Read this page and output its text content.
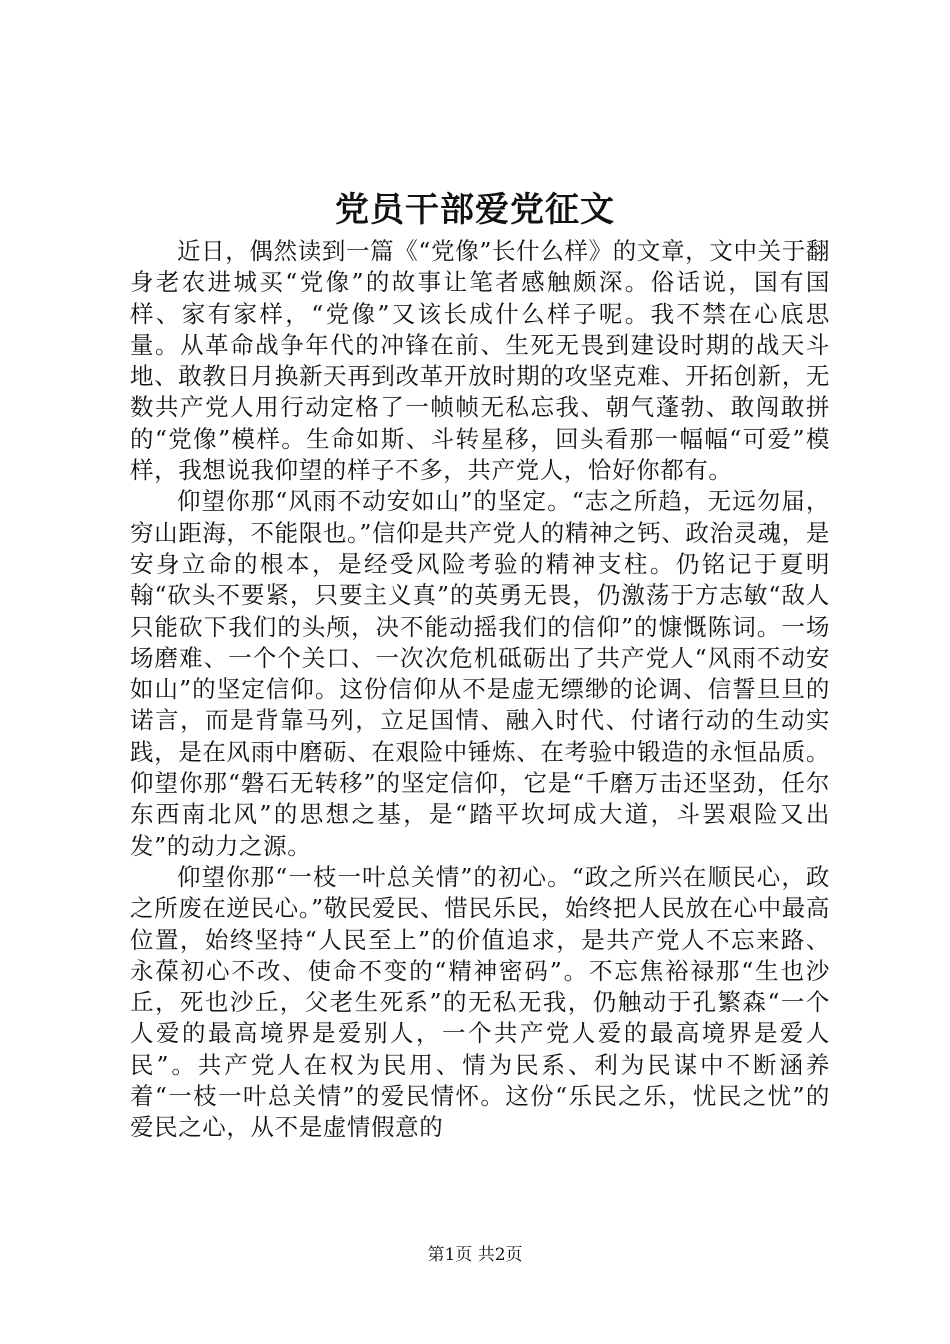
党员干部爱党征文

近日，偶然读到一篇《“党像”长什么样》的文章，文中关于翻身老农进城买“党像”的故事让笔者感触颇深。俗话说，国有国样、家有家样，“党像”又该长成什么样子呢。我不禁在心底思量。从革命战争年代的冲锋在前、生死无畏到建设时期的战天斗地、敢教日月换新天再到改革开放时期的攻坚克难、开拓创新，无数共产党人用行动定格了一帧帧无私忘我、朝气蓬勃、敢闯敢拼的“党像”模样。生命如斯、斗转星移，回头看那一幅幅“可爱”模样，我想说我仰望的样子不多，共产党人，恰好你都有。

仰望你那“风雨不动安如山”的坚定。“志之所趋，无远勿届，穷山距海，不能限也。”信仰是共产党人的精神之钙、政治灵魂，是安身立命的根本，是经受风险考验的精神支柱。仍铭记于夏明翰“砍头不要紧，只要主义真”的英勇无畏，仍激荡于方志敏“敌人只能砍下我们的头颅，决不能动摇我们的信仰”的慷慨陈词。一场场磨难、一个个关口、一次次危机砥砺出了共产党人“风雨不动安如山”的坚定信仰。这份信仰从不是虚无缥缈的论调、信誓旦旦的诺言，而是背靠马列，立足国情、融入时代、付诸行动的生动实践，是在风雨中磨砺、在艰险中锤炼、在考验中锻造的永恒品质。仰望你那“磐石无转移”的坚定信仰，它是“千磨万击还坚劲，任尔东西南北风”的思想之基，是“踏平坎坷成大道，斗罢艰险又出发”的动力之源。

仰望你那“一枝一叶总关情”的初心。“政之所兴在顺民心，政之所废在逆民心。”敬民爱民、惜民乐民，始终把人民放在心中最高位置，始终坚持“人民至上”的价值追求，是共产党人不忘来路、永葆初心不改、使命不变的“精神密码”。不忘焦裕禄那“生也沙丘，死也沙丘，父老生死系”的无私无我，仍触动于孔繁森“一个人爱的最高境界是爱别人，一个共产党人爱的最高境界是爱人民”。共产党人在权为民用、情为民系、利为民谋中不断涵养着“一枝一叶总关情”的爱民情怀。这份“乐民之乐，忧民之忧”的爱民之心，从不是虚情假意的

第1页 共2页
